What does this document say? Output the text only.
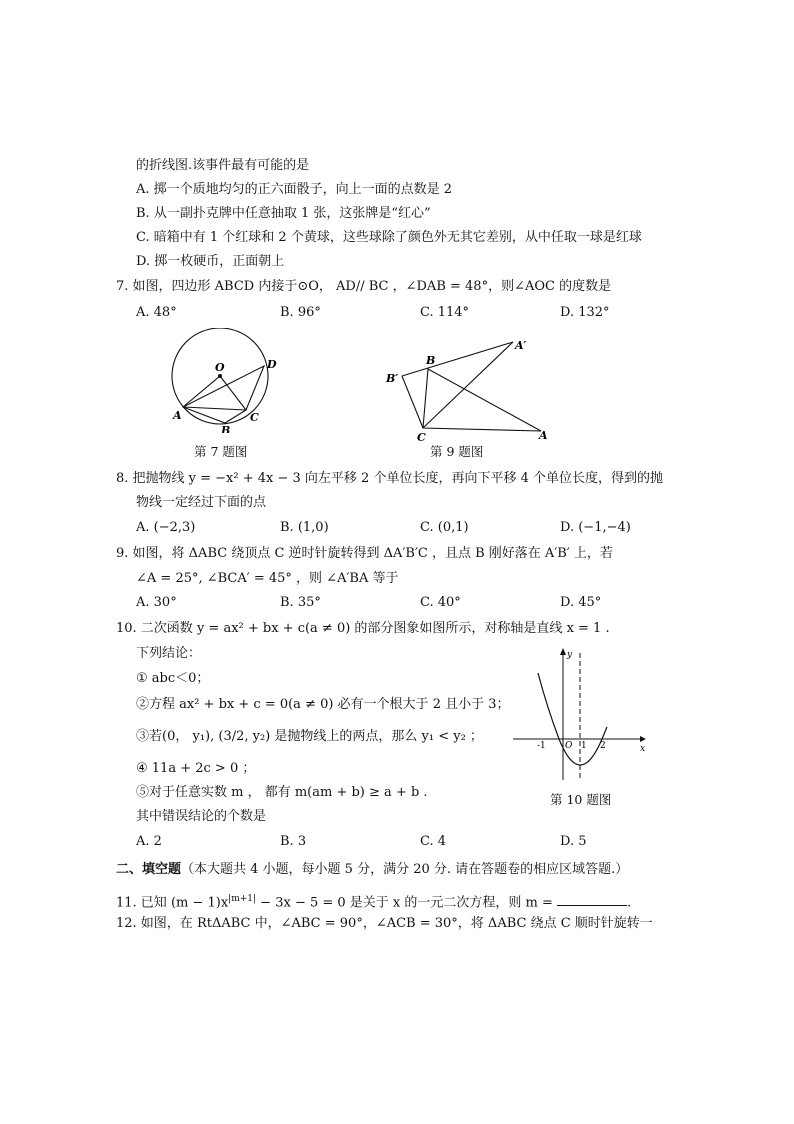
的折线图.该事件最有可能的是
A. 掷一个质地均匀的正六面骰子，向上一面的点数是 2
B. 从一副扑克牌中任意抽取 1 张，这张牌是“红心”
C. 暗箱中有 1 个红球和 2 个黄球，这些球除了颜色外无其它差别，从中任取一球是红球
D. 掷一枚硬币，正面朝上
7. 如图，四边形 ABCD 内接于⊙O， AD// BC ，∠DAB = 48°，则∠AOC 的度数是
A. 48°	B. 96°	C. 114°	D. 132°
O
A
B
C
D
第 7 题图
A′
B
B′
C	A
第 9 题图
8. 把抛物线 y = −x² + 4x − 3 向左平移 2 个单位长度，再向下平移 4 个单位长度，得到的抛
物线一定经过下面的点
A. (−2,3)	B. (1,0)	C. (0,1)	D. (−1,−4)
9. 如图，将 ΔABC 绕顶点 C 逆时针旋转得到 ΔA′B′C ，且点 B 刚好落在 A′B′ 上，若
∠A = 25°, ∠BCA′ = 45° ，则 ∠A′BA 等于
A. 30°	B. 35°	C. 40°	D. 45°
10. 二次函数 y = ax² + bx + c(a ≠ 0) 的部分图象如图所示，对称轴是直线 x = 1 .
下列结论：
① abc＜0；
②方程 ax² + bx + c = 0(a ≠ 0) 必有一个根大于 2 且小于 3；
③若(0， y₁), (3/2, y₂) 是抛物线上的两点，那么 y₁ < y₂ ；
④ 11a + 2c > 0 ；
⑤对于任意实数 m ， 都有 m(am + b) ≥ a + b .
其中错误结论的个数是
A. 2	B. 3	C. 4	D. 5
y
x
O
-1	1 2
第 10 题图
二、填空题（本大题共 4 小题，每小题 5 分，满分 20 分. 请在答题卷的相应区域答题.）
11. 已知 $(m - 1)x^{|m+1|} - 3x - 5 = 0$ 是关于 x 的一元二次方程，则 m =	.
12. 如图，在 RtΔABC 中，∠ABC = 90°，∠ACB = 30°，将 ΔABC 绕点 C 顺时针旋转一
